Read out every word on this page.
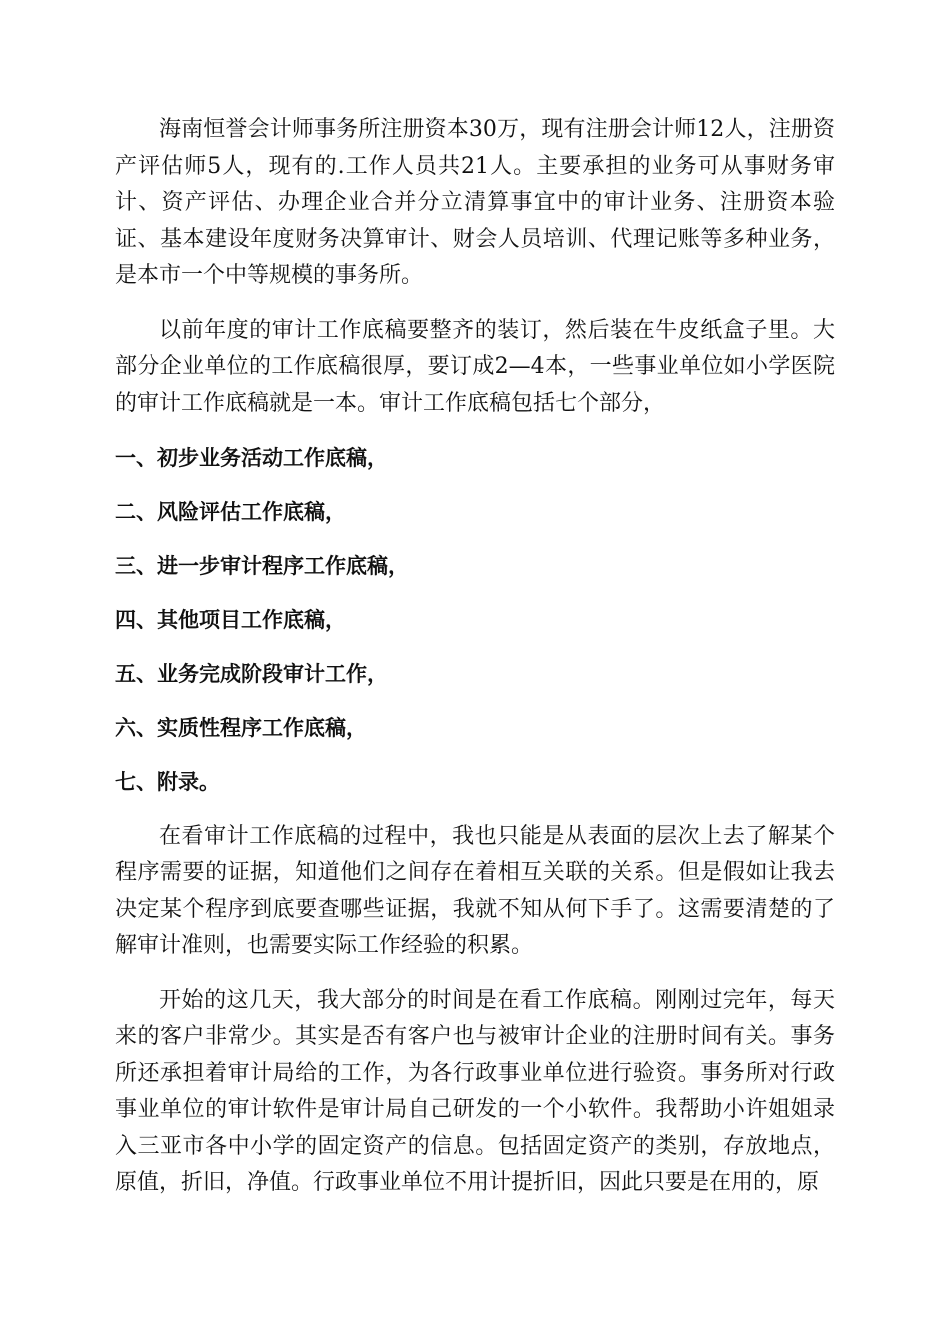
海南恒誉会计师事务所注册资本30万，现有注册会计师12人，注册资产评估师5人，现有的.工作人员共21人。主要承担的业务可从事财务审计、资产评估、办理企业合并分立清算事宜中的审计业务、注册资本验证、基本建设年度财务决算审计、财会人员培训、代理记账等多种业务，是本市一个中等规模的事务所。

以前年度的审计工作底稿要整齐的装订，然后装在牛皮纸盒子里。大部分企业单位的工作底稿很厚，要订成2—4本，一些事业单位如小学医院的审计工作底稿就是一本。审计工作底稿包括七个部分，

一、初步业务活动工作底稿，
二、风险评估工作底稿，
三、进一步审计程序工作底稿，
四、其他项目工作底稿，
五、业务完成阶段审计工作，
六、实质性程序工作底稿，
七、附录。

在看审计工作底稿的过程中，我也只能是从表面的层次上去了解某个程序需要的证据，知道他们之间存在着相互关联的关系。但是假如让我去决定某个程序到底要查哪些证据，我就不知从何下手了。这需要清楚的了解审计准则，也需要实际工作经验的积累。

开始的这几天，我大部分的时间是在看工作底稿。刚刚过完年，每天来的客户非常少。其实是否有客户也与被审计企业的注册时间有关。事务所还承担着审计局给的工作，为各行政事业单位进行验资。事务所对行政事业单位的审计软件是审计局自己研发的一个小软件。我帮助小许姐姐录入三亚市各中小学的固定资产的信息。包括固定资产的类别，存放地点，原值，折旧，净值。行政事业单位不用计提折旧，因此只要是在用的，原
